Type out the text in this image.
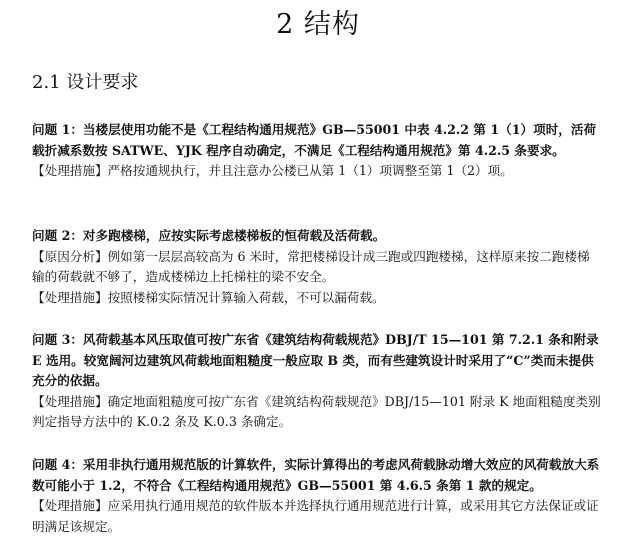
2 结构
2.1 设计要求

问题 1：当楼层使用功能不是《工程结构通用规范》GB—55001 中表 4.2.2 第 1（1）项时，活荷载折减系数按 SATWE、YJK 程序自动确定，不满足《工程结构通用规范》第 4.2.5 条要求。

【处理措施】严格按通规执行，并且注意办公楼已从第 1（1）项调整至第 1（2）项。

问题 2：对多跑楼梯，应按实际考虑楼梯板的恒荷载及活荷载。

【原因分析】例如第一层层高较高为 6 米时，常把楼梯设计成三跑或四跑楼梯，这样原来按二跑楼梯输的荷载就不够了，造成楼梯边上托梯柱的梁不安全。

【处理措施】按照楼梯实际情况计算输入荷载，不可以漏荷载。

问题 3：风荷载基本风压取值可按广东省《建筑结构荷载规范》DBJ/T 15—101 第 7.2.1 条和附录 E 选用。较宽阔河边建筑风荷载地面粗糙度一般应取 B 类，而有些建筑设计时采用了“C”类而未提供充分的依据。

【处理措施】确定地面粗糙度可按广东省《建筑结构荷载规范》DBJ/15—101 附录 K 地面粗糙度类别判定指导方法中的 K.0.2 条及 K.0.3 条确定。

问题 4：采用非执行通用规范版的计算软件，实际计算得出的考虑风荷载脉动增大效应的风荷载放大系数可能小于 1.2，不符合《工程结构通用规范》GB—55001 第 4.6.5 条第 1 款的规定。

【处理措施】应采用执行通用规范的软件版本并选择执行通用规范进行计算，或采用其它方法保证或证明满足该规定。
